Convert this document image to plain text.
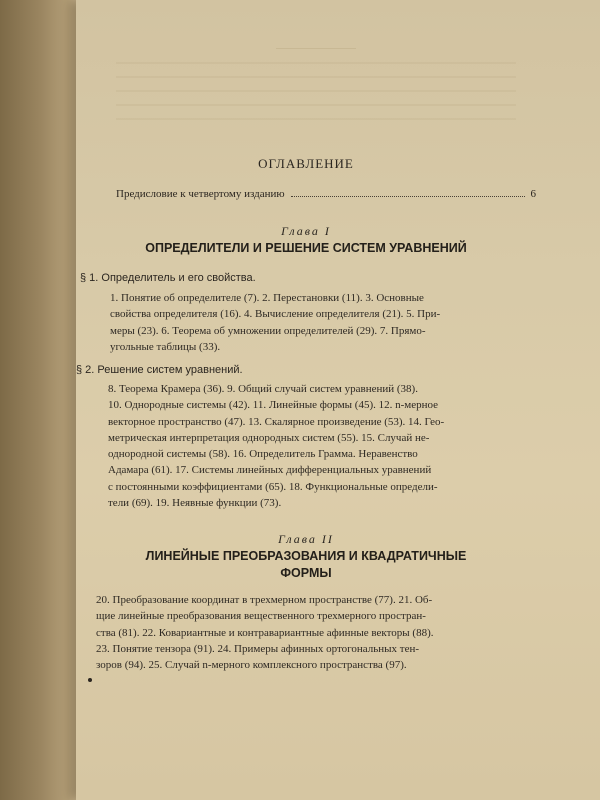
ОГЛАВЛЕНИЕ
Предисловие к четвертому изданию	6
Глава I
ОПРЕДЕЛИТЕЛИ И РЕШЕНИЕ СИСТЕМ УРАВНЕНИЙ
§ 1. Определитель и его свойства.
1. Понятие об определителе (7). 2. Перестановки (11). 3. Основные
свойства определителя (16). 4. Вычисление определителя (21). 5. При-
меры (23). 6. Теорема об умножении определителей (29). 7. Прямо-
угольные таблицы (33).
§ 2. Решение систем уравнений.
8. Теорема Крамера (36). 9. Общий случай систем уравнений (38).
10. Однородные системы (42). 11. Линейные формы (45). 12. n-мерное
векторное пространство (47). 13. Скалярное произведение (53). 14. Гео-
метрическая интерпретация однородных систем (55). 15. Случай не-
однородной системы (58). 16. Определитель Грамма. Неравенство
Адамара (61). 17. Системы линейных дифференциальных уравнений
с постоянными коэффициентами (65). 18. Функциональные определи-
тели (69). 19. Неявные функции (73).
Глава II
ЛИНЕЙНЫЕ ПРЕОБРАЗОВАНИЯ И КВАДРАТИЧНЫЕ
ФОРМЫ
20. Преобразование координат в трехмерном пространстве (77). 21. Об-
щие линейные преобразования вещественного трехмерного простран-
ства (81). 22. Ковариантные и контравариантные афинные векторы (88).
23. Понятие тензора (91). 24. Примеры афинных ортогональных тен-
зоров (94). 25. Случай n-мерного комплексного пространства (97).
